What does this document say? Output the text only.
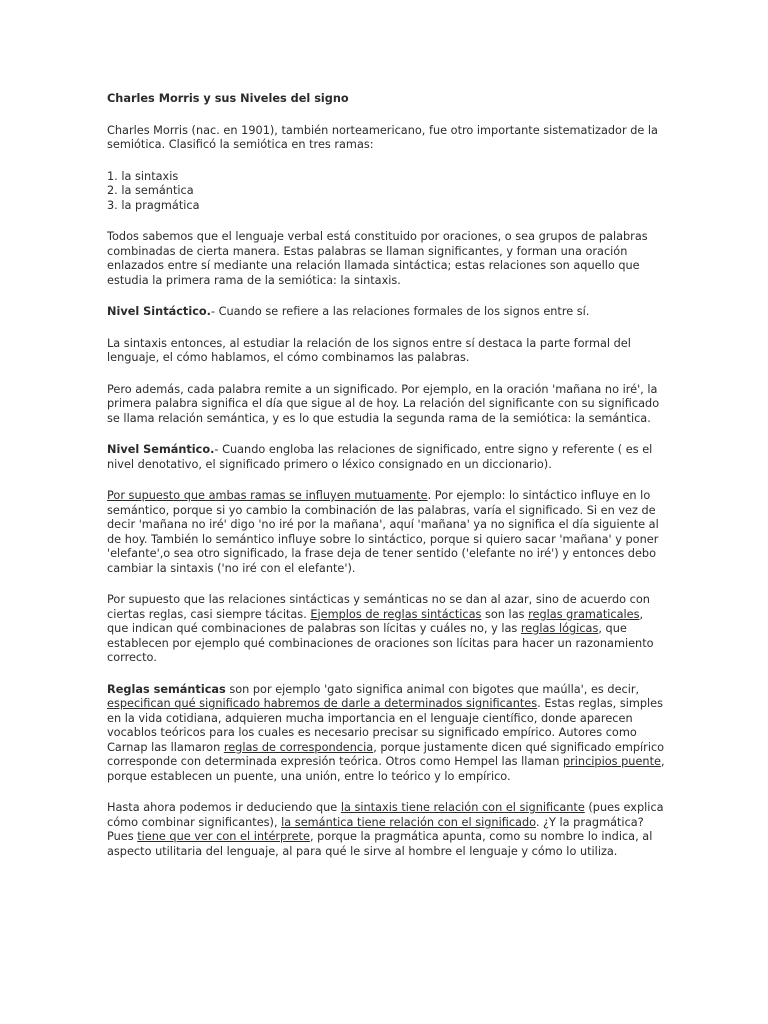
Charles Morris y sus Niveles del signo

Charles Morris (nac. en 1901), también norteamericano, fue otro importante sistematizador de la semiótica. Clasificó la semiótica en tres ramas:

1. la sintaxis
2. la semántica
3. la pragmática

Todos sabemos que el lenguaje verbal está constituido por oraciones, o sea grupos de palabras combinadas de cierta manera. Estas palabras se llaman significantes, y forman una oración enlazados entre sí mediante una relación llamada sintáctica; estas relaciones son aquello que estudia la primera rama de la semiótica: la sintaxis.

Nivel Sintáctico.- Cuando se refiere a las relaciones formales de los signos entre sí.

La sintaxis entonces, al estudiar la relación de los signos entre sí destaca la parte formal del lenguaje, el cómo hablamos, el cómo combinamos las palabras.

Pero además, cada palabra remite a un significado. Por ejemplo, en la oración 'mañana no iré', la primera palabra significa el día que sigue al de hoy. La relación del significante con su significado se llama relación semántica, y es lo que estudia la segunda rama de la semiótica: la semántica.

Nivel Semántico.- Cuando engloba las relaciones de significado, entre signo y referente ( es el nivel denotativo, el significado primero o léxico consignado en un diccionario).

Por supuesto que ambas ramas se influyen mutuamente. Por ejemplo: lo sintáctico influye en lo semántico, porque si yo cambio la combinación de las palabras, varía el significado. Si en vez de decir 'mañana no iré' digo 'no iré por la mañana', aquí 'mañana' ya no significa el día siguiente al de hoy. También lo semántico influye sobre lo sintáctico, porque si quiero sacar 'mañana' y poner 'elefante',o sea otro significado, la frase deja de tener sentido ('elefante no iré') y entonces debo cambiar la sintaxis ('no iré con el elefante').

Por supuesto que las relaciones sintácticas y semánticas no se dan al azar, sino de acuerdo con ciertas reglas, casi siempre tácitas. Ejemplos de reglas sintácticas son las reglas gramaticales, que indican qué combinaciones de palabras son lícitas y cuáles no, y las reglas lógicas, que establecen por ejemplo qué combinaciones de oraciones son lícitas para hacer un razonamiento correcto.

Reglas semánticas son por ejemplo 'gato significa animal con bigotes que maúlla', es decir, especifican qué significado habremos de darle a determinados significantes. Estas reglas, simples en la vida cotidiana, adquieren mucha importancia en el lenguaje científico, donde aparecen vocablos teóricos para los cuales es necesario precisar su significado empírico. Autores como Carnap las llamaron reglas de correspondencia, porque justamente dicen qué significado empírico corresponde con determinada expresión teórica. Otros como Hempel las llaman principios puente, porque establecen un puente, una unión, entre lo teórico y lo empírico.

Hasta ahora podemos ir deduciendo que la sintaxis tiene relación con el significante (pues explica cómo combinar significantes), la semántica tiene relación con el significado. ¿Y la pragmática? Pues tiene que ver con el intérprete, porque la pragmática apunta, como su nombre lo indica, al aspecto utilitaria del lenguaje, al para qué le sirve al hombre el lenguaje y cómo lo utiliza.
